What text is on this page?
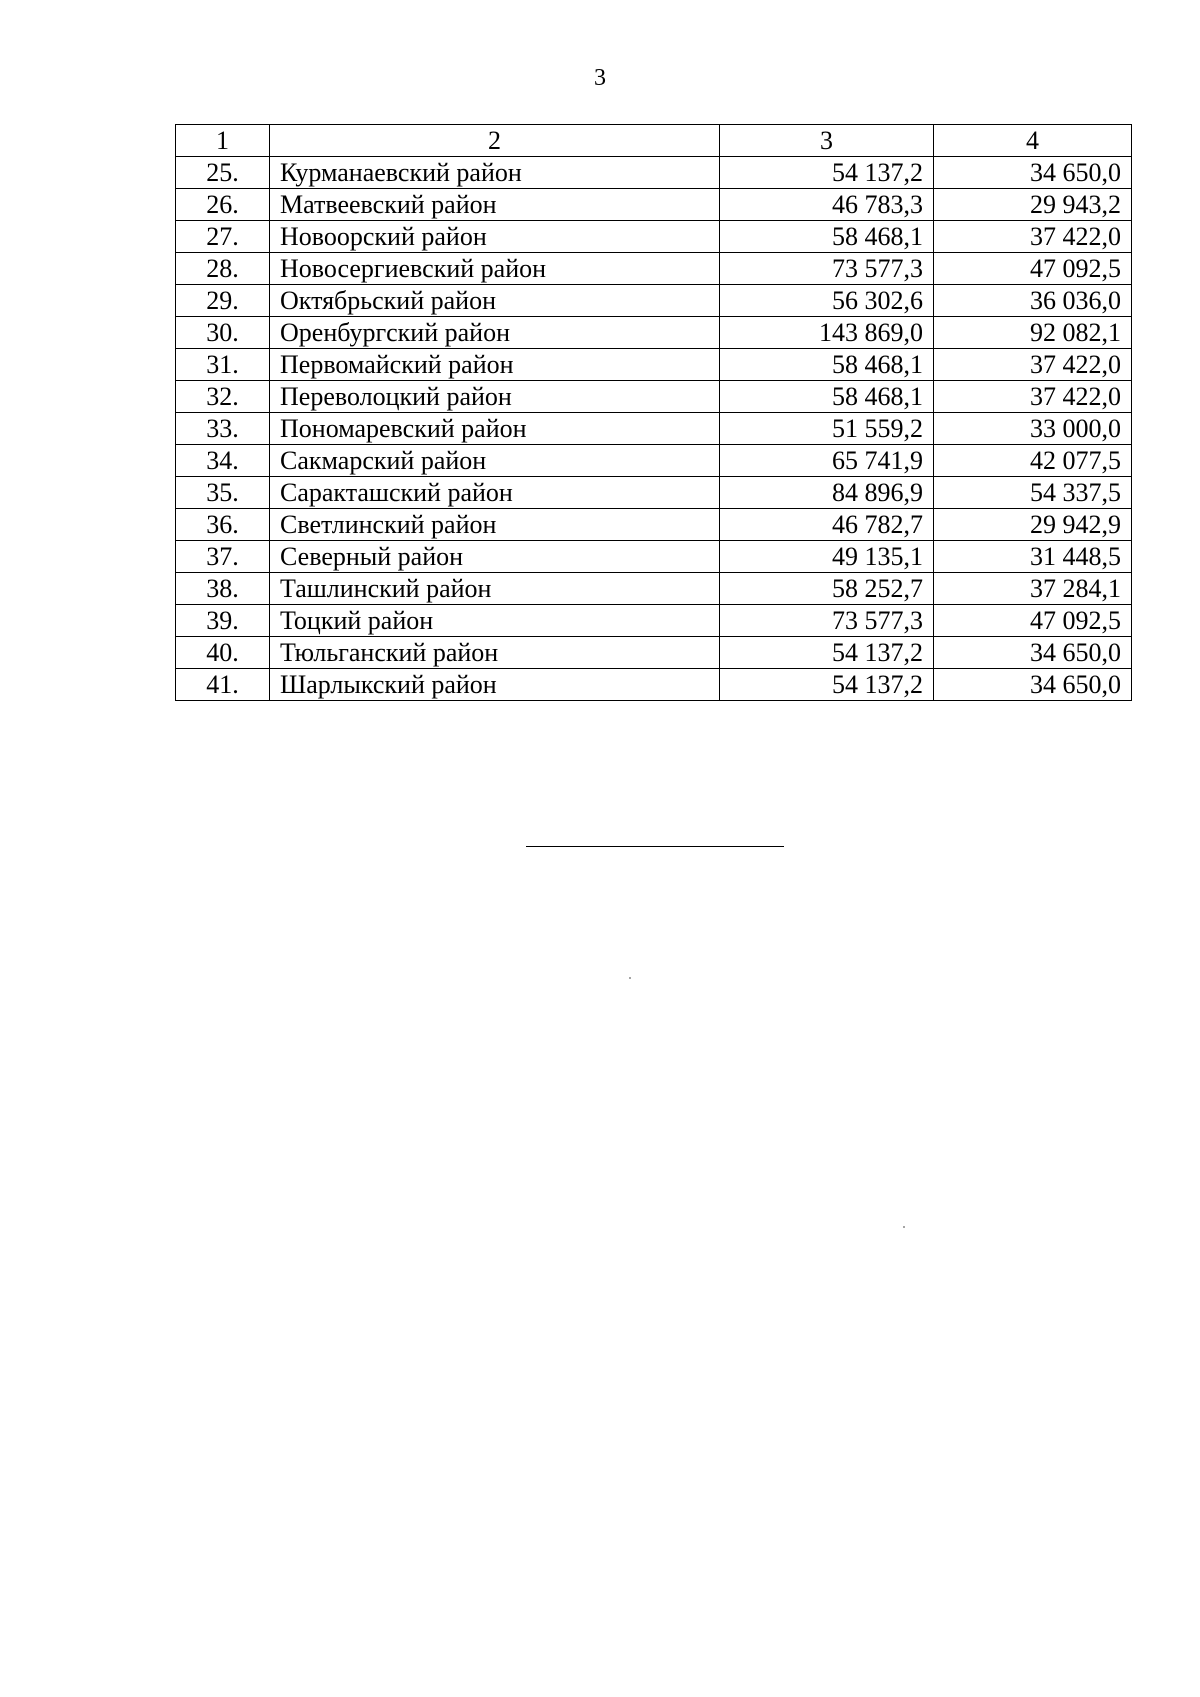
3
1	2	3	4
25.	Курманаевский район	54 137,2	34 650,0
26.	Матвеевский район	46 783,3	29 943,2
27.	Новоорский район	58 468,1	37 422,0
28.	Новосергиевский район	73 577,3	47 092,5
29.	Октябрьский район	56 302,6	36 036,0
30.	Оренбургский район	143 869,0	92 082,1
31.	Первомайский район	58 468,1	37 422,0
32.	Переволоцкий район	58 468,1	37 422,0
33.	Пономаревский район	51 559,2	33 000,0
34.	Сакмарский район	65 741,9	42 077,5
35.	Саракташский район	84 896,9	54 337,5
36.	Светлинский район	46 782,7	29 942,9
37.	Северный район	49 135,1	31 448,5
38.	Ташлинский район	58 252,7	37 284,1
39.	Тоцкий район	73 577,3	47 092,5
40.	Тюльганский район	54 137,2	34 650,0
41.	Шарлыкский район	54 137,2	34 650,0
